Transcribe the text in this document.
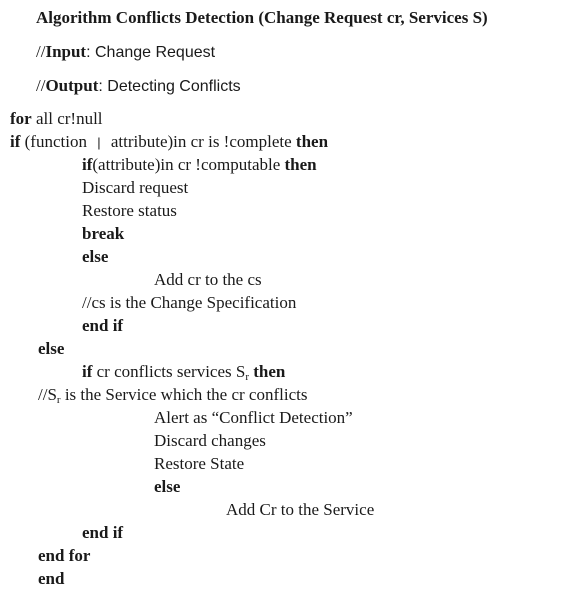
Algorithm Conflicts Detection (Change Request cr, Services S)
//Input: Change Request
//Output: Detecting Conflicts
for all cr!null
if (function | attribute)in cr is !complete then
if(attribute)in cr !computable then
Discard request
Restore status
break
else
Add cr to the cs
//cs is the Change Specification
end if
else
if cr conflicts services $S_r$ then
$//S_r$ is the Service which the cr conflicts
Alert as “Conflict Detection”
Discard changes
Restore State
else
Add Cr to the Service
end if
end for
end
